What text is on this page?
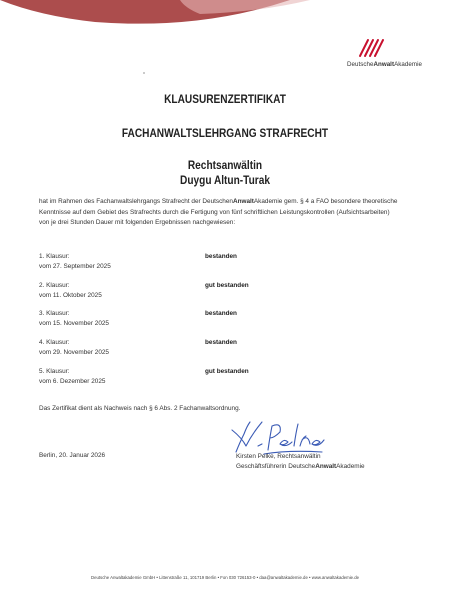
DeutscheAnwaltAkademie
KLAUSURENZERTIFIKAT
FACHANWALTSLEHRGANG STRAFRECHT
Rechtsanwältin
Duygu Altun-Turak
hat im Rahmen des Fachanwaltslehrgangs Strafrecht der DeutschenAnwaltAkademie gem. § 4 a FAO besondere theoretische
Kenntnisse auf dem Gebiet des Strafrechts durch die Fertigung von fünf schriftlichen Leistungskontrollen (Aufsichtsarbeiten)
von je drei Stunden Dauer mit folgenden Ergebnissen nachgewiesen:
1. Klausur:
vom 27. September 2025
bestanden
2. Klausur:
vom 11. Oktober 2025
gut bestanden
3. Klausur:
vom 15. November 2025
bestanden
4. Klausur:
vom 29. November 2025
bestanden
5. Klausur:
vom 6. Dezember 2025
gut bestanden
Das Zertifikat dient als Nachweis nach § 6 Abs. 2 Fachanwaltsordnung.
Berlin, 20. Januar 2026	Kirsten Pelke, Rechtsanwältin
Geschäftsführerin DeutscheAnwaltAkademie
Deutsche Anwaltakademie GmbH • Littenstraße 11, 101719 Berlin • Fon 030 726153-0 • daa@anwaltakademie.de • www.anwaltakademie.de
